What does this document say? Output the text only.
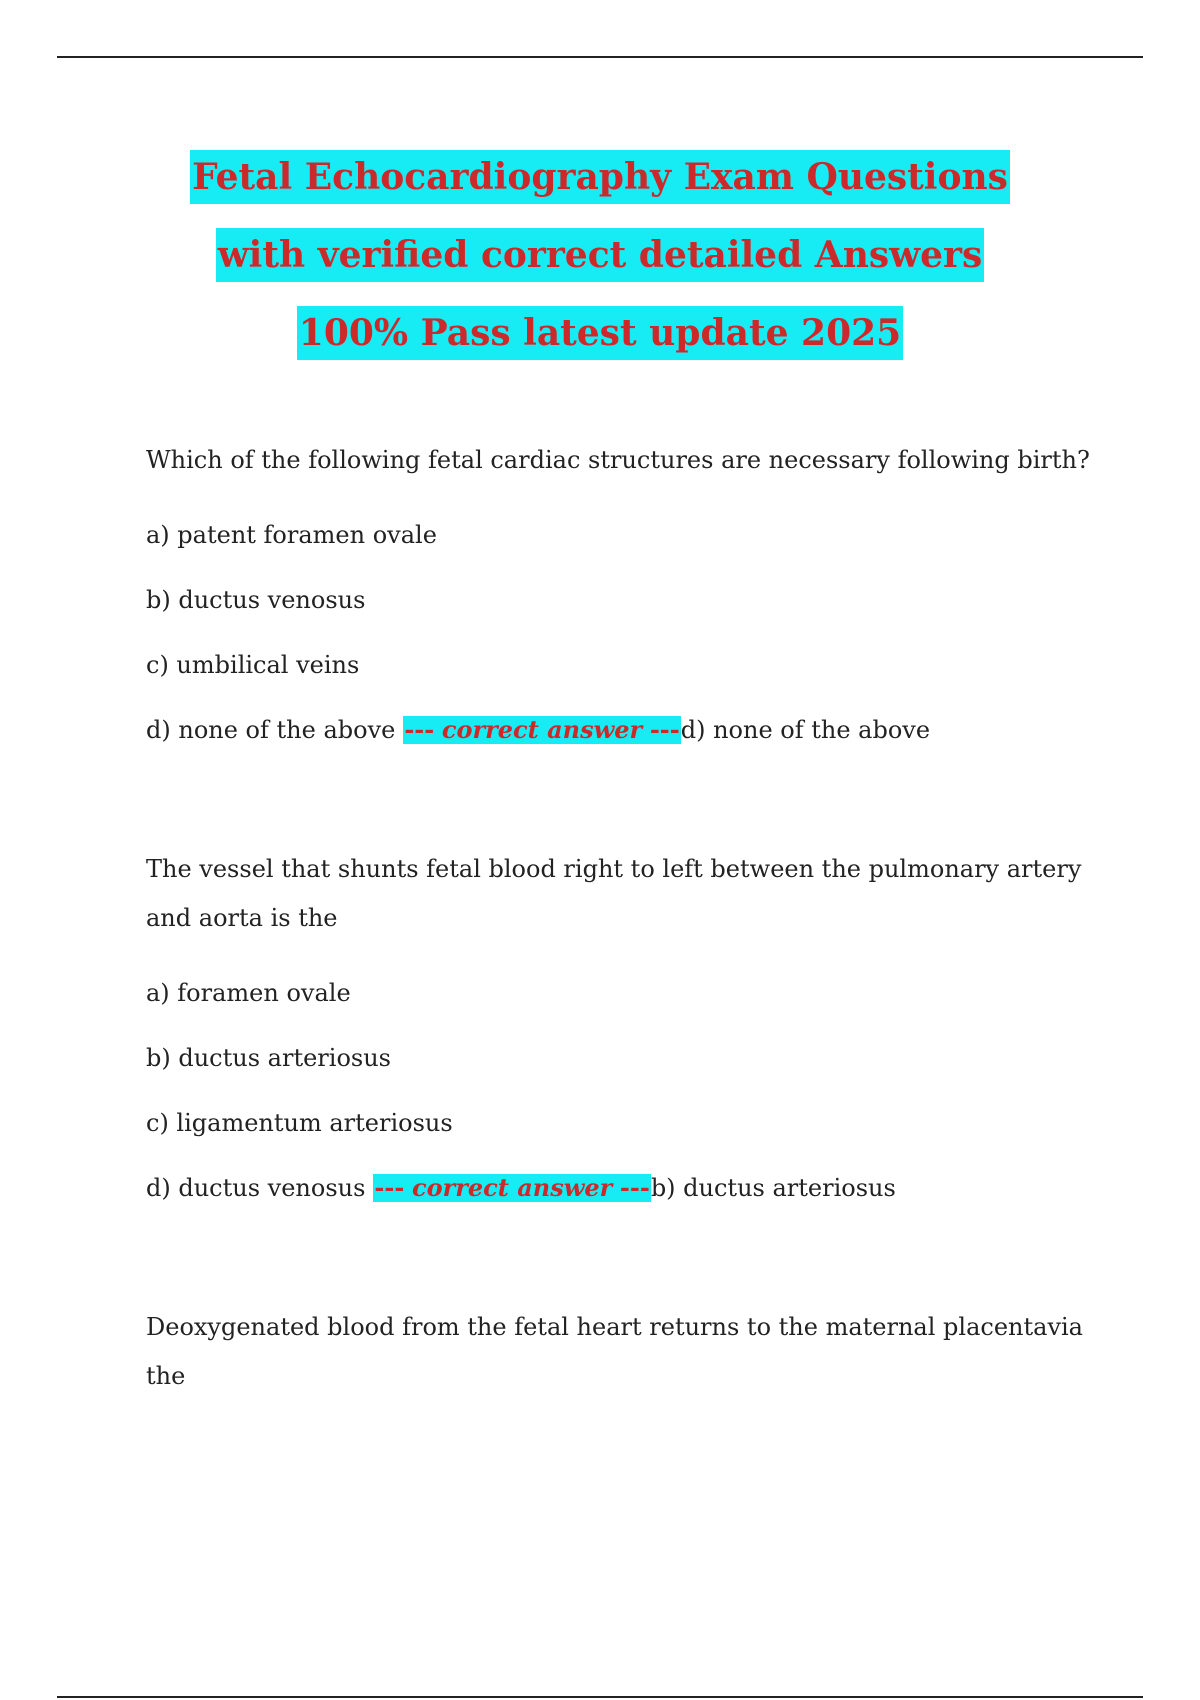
Fetal Echocardiography Exam Questions
with verified correct detailed Answers
100% Pass latest update 2025

Which of the following fetal cardiac structures are necessary following birth?

a) patent foramen ovale

b) ductus venosus

c) umbilical veins

d) none of the above --- correct answer ---d) none of the above

The vessel that shunts fetal blood right to left between the pulmonary artery and aorta is the

a) foramen ovale

b) ductus arteriosus

c) ligamentum arteriosus

d) ductus venosus --- correct answer ---b) ductus arteriosus

Deoxygenated blood from the fetal heart returns to the maternal placentavia the
